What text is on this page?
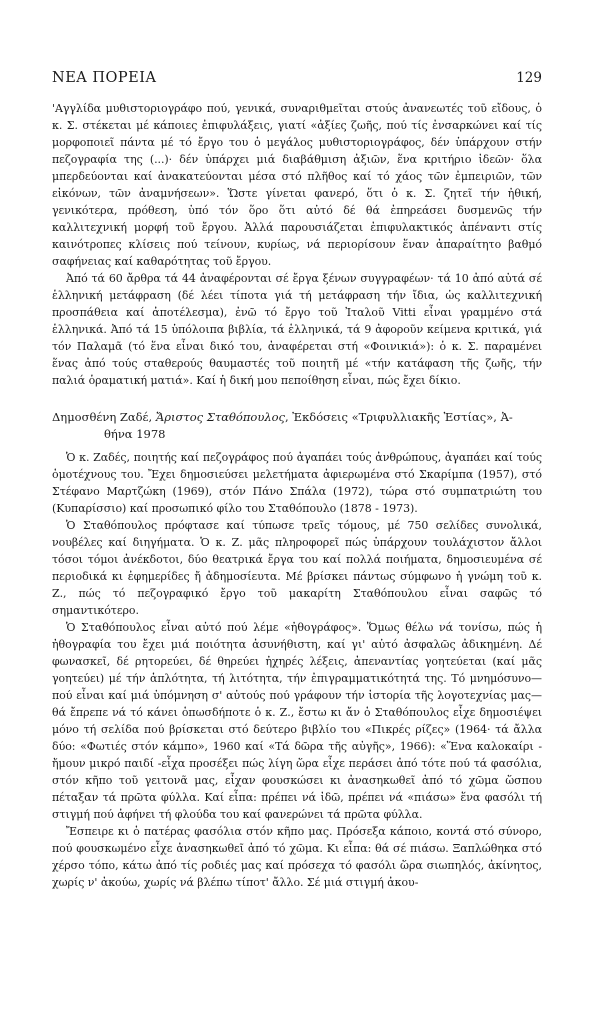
ΝΕΑ ΠΟΡΕΙΑ	129

'Αγγλίδα μυθιστοριογράφο πού, γενικά, συναριθμεῖται στούς ἀνανεωτές τοῦ εἴδους, ὁ κ. Σ. στέκεται μέ κάποιες ἐπιφυλάξεις, γιατί «ἀξίες ζωῆς, πού τίς ἐνσαρκώνει καί τίς μορφοποιεῖ πάντα μέ τό ἔργο του ὁ μεγάλος μυθιστοριογράφος, δέν ὑπάρχουν στήν πεζογραφία της (...)· δέν ὑπάρχει μιά διαβάθμιση ἀξιῶν, ἕνα κριτήριο ἰδεῶν· ὅλα μπερδεύονται καί ἀνακατεύονται μέσα στό πλῆθος καί τό χάος τῶν ἐμπειριῶν, τῶν εἰκόνων, τῶν ἀναμνήσεων». Ὥστε γίνεται φανερό, ὅτι ὁ κ. Σ. ζητεῖ τήν ἠθική, γενικότερα, πρόθεση, ὑπό τόν ὅρο ὅτι αὐτό δέ θά ἐπηρεάσει δυσμενῶς τήν καλλιτεχνική μορφή τοῦ ἔργου. Ἀλλά παρουσιάζεται ἐπιφυλακτικός ἀπέναντι στίς καινότροπες κλίσεις πού τείνουν, κυρίως, νά περιορίσουν ἕναν ἀπαραίτητο βαθμό σαφήνειας καί καθαρότητας τοῦ ἔργου.

Ἀπό τά 60 ἄρθρα τά 44 ἀναφέρονται σέ ἔργα ξένων συγγραφέων· τά 10 ἀπό αὐτά σέ ἑλληνική μετάφραση (δέ λέει τίποτα γιά τή μετάφραση τήν ἴδια, ὡς καλλιτεχνική προσπάθεια καί ἀποτέλεσμα), ἐνῶ τό ἔργο τοῦ Ἰταλοῦ Vitti εἶναι γραμμένο στά ἑλληνικά. Ἀπό τά 15 ὑπόλοιπα βιβλία, τά ἑλληνικά, τά 9 ἀφοροῦν κείμενα κριτικά, γιά τόν Παλαμᾶ (τό ἕνα εἶναι δικό του, ἀναφέρεται στή «Φοινικιά»): ὁ κ. Σ. παραμένει ἕνας ἀπό τούς σταθερούς θαυμαστές τοῦ ποιητῆ μέ «τήν κατάφαση τῆς ζωῆς, τήν παλιά ὁραματική ματιά». Καί ἡ δική μου πεποίθηση εἶναι, πώς ἔχει δίκιο.

Δημοσθένη Ζαδέ, Ἄριστος Σταθόπουλος, Ἐκδόσεις «Τριφυλλιακῆς Ἑστίας», Ἀ-
θήνα 1978

Ὁ κ. Ζαδές, ποιητής καί πεζογράφος πού ἀγαπάει τούς ἀνθρώπους, ἀγαπάει καί τούς ὁμοτέχνους του. Ἔχει δημοσιεύσει μελετήματα ἀφιερωμένα στό Σκαρίμπα (1957), στό Στέφανο Μαρτζώκη (1969), στόν Πάνο Σπάλα (1972), τώρα στό συμπατριώτη του (Κυπαρίσσιο) καί προσωπικό φίλο του Σταθόπουλο (1878 - 1973).

Ὁ Σταθόπουλος πρόφτασε καί τύπωσε τρεῖς τόμους, μέ 750 σελίδες συνολικά, νουβέλες καί διηγήματα. Ὁ κ. Ζ. μᾶς πληροφορεῖ πώς ὑπάρχουν τουλάχιστον ἄλλοι τόσοι τόμοι ἀνέκδοτοι, δύο θεατρικά ἔργα του καί πολλά ποιήματα, δημοσιευμένα σέ περιοδικά κι ἐφημερίδες ἤ ἀδημοσίευτα. Μέ βρίσκει πάντως σύμφωνο ἡ γνώμη τοῦ κ. Ζ., πώς τό πεζογραφικό ἔργο τοῦ μακαρίτη Σταθόπουλου εἶναι σαφῶς τό σημαντικότερο.

Ὁ Σταθόπουλος εἶναι αὐτό πού λέμε «ἠθογράφος». Ὅμως θέλω νά τονίσω, πώς ἡ ἠθογραφία του ἔχει μιά ποιότητα ἀσυνήθιστη, καί γι' αὐτό ἀσφαλῶς ἀδικημένη. Δέ φωνασκεῖ, δέ ρητορεύει, δέ θηρεύει ἠχηρές λέξεις, ἀπεναντίας γοητεύεται (καί μᾶς γοητεύει) μέ τήν ἁπλότητα, τή λιτότητα, τήν ἐπιγραμματικότητά της. Τό μνημόσυνο—πού εἶναι καί μιά ὑπόμνηση σ' αὐτούς πού γράφουν τήν ἱστορία τῆς λογοτεχνίας μας—θά ἔπρεπε νά τό κάνει ὁπωσδήποτε ὁ κ. Ζ., ἔστω κι ἄν ὁ Σταθόπουλος εἶχε δημοσιέψει μόνο τή σελίδα πού βρίσκεται στό δεύτερο βιβλίο του «Πικρές ρίζες» (1964· τά ἄλλα δύο: «Φωτιές στόν κάμπο», 1960 καί «Τά δῶρα τῆς αὐγῆς», 1966): «Ἕνα καλοκαίρι - ἤμουν μικρό παιδί -εἶχα προσέξει πώς λίγη ὥρα εἶχε περάσει ἀπό τότε πού τά φασόλια, στόν κῆπο τοῦ γειτονᾶ μας, εἶχαν φουσκώσει κι ἀνασηκωθεῖ ἀπό τό χῶμα ὥσπου πέταξαν τά πρῶτα φύλλα. Καί εἶπα: πρέπει νά ἰδῶ, πρέπει νά «πιάσω» ἕνα φασόλι τή στιγμή πού ἀφήνει τή φλούδα του καί φανερώνει τά πρῶτα φύλλα.

Ἔσπειρε κι ὁ πατέρας φασόλια στόν κῆπο μας. Πρόσεξα κάποιο, κοντά στό σύνορο, πού φουσκωμένο εἶχε ἀνασηκωθεῖ ἀπό τό χῶμα. Κι εἶπα: θά σέ πιάσω. Ξαπλώθηκα στό χέρσο τόπο, κάτω ἀπό τίς ροδιές μας καί πρόσεχα τό φασόλι ὥρα σιωπηλός, ἀκίνητος, χωρίς ν' ἀκούω, χωρίς νά βλέπω τίποτ' ἄλλο. Σέ μιά στιγμή ἀκου-
